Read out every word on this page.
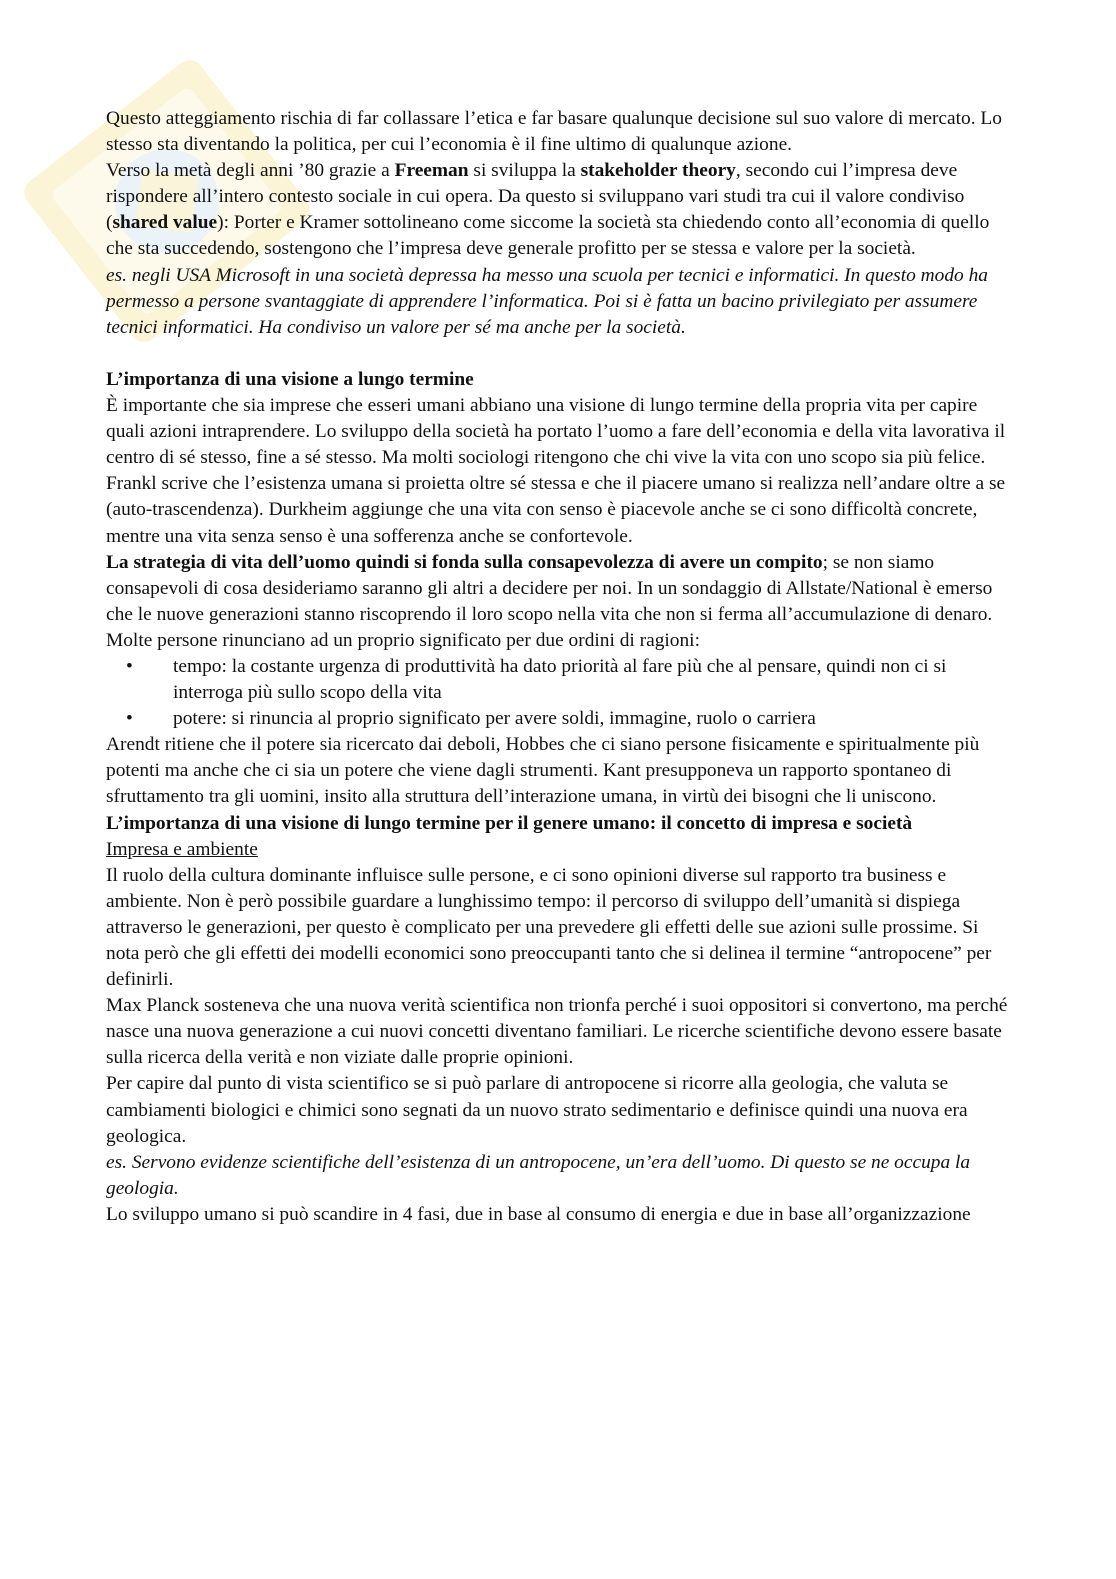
Questo atteggiamento rischia di far collassare l’etica e far basare qualunque decisione sul suo valore di mercato. Lo stesso sta diventando la politica, per cui l’economia è il fine ultimo di qualunque azione.

Verso la metà degli anni ’80 grazie a Freeman si sviluppa la stakeholder theory, secondo cui l’impresa deve rispondere all’intero contesto sociale in cui opera. Da questo si sviluppano vari studi tra cui il valore condiviso (shared value): Porter e Kramer sottolineano come siccome la società sta chiedendo conto all’economia di quello che sta succedendo, sostengono che l’impresa deve generale profitto per se stessa e valore per la società.

es. negli USA Microsoft in una società depressa ha messo una scuola per tecnici e informatici. In questo modo ha permesso a persone svantaggiate di apprendere l’informatica. Poi si è fatta un bacino privilegiato per assumere tecnici informatici. Ha condiviso un valore per sé ma anche per la società.

L’importanza di una visione a lungo termine

È importante che sia imprese che esseri umani abbiano una visione di lungo termine della propria vita per capire quali azioni intraprendere. Lo sviluppo della società ha portato l’uomo a fare dell’economia e della vita lavorativa il centro di sé stesso, fine a sé stesso. Ma molti sociologi ritengono che chi vive la vita con uno scopo sia più felice. Frankl scrive che l’esistenza umana si proietta oltre sé stessa e che il piacere umano si realizza nell’andare oltre a se (auto-trascendenza). Durkheim aggiunge che una vita con senso è piacevole anche se ci sono difficoltà concrete, mentre una vita senza senso è una sofferenza anche se confortevole.

La strategia di vita dell’uomo quindi si fonda sulla consapevolezza di avere un compito; se non siamo consapevoli di cosa desideriamo saranno gli altri a decidere per noi. In un sondaggio di Allstate/National è emerso che le nuove generazioni stanno riscoprendo il loro scopo nella vita che non si ferma all’accumulazione di denaro. Molte persone rinunciano ad un proprio significato per due ordini di ragioni:

• tempo: la costante urgenza di produttività ha dato priorità al fare più che al pensare, quindi non ci si interroga più sullo scopo della vita
• potere: si rinuncia al proprio significato per avere soldi, immagine, ruolo o carriera

Arendt ritiene che il potere sia ricercato dai deboli, Hobbes che ci siano persone fisicamente e spiritualmente più potenti ma anche che ci sia un potere che viene dagli strumenti. Kant presupponeva un rapporto spontaneo di sfruttamento tra gli uomini, insito alla struttura dell’interazione umana, in virtù dei bisogni che li uniscono.

L’importanza di una visione di lungo termine per il genere umano: il concetto di impresa e società

Impresa e ambiente

Il ruolo della cultura dominante influisce sulle persone, e ci sono opinioni diverse sul rapporto tra business e ambiente. Non è però possibile guardare a lunghissimo tempo: il percorso di sviluppo dell’umanità si dispiega attraverso le generazioni, per questo è complicato per una prevedere gli effetti delle sue azioni sulle prossime. Si nota però che gli effetti dei modelli economici sono preoccupanti tanto che si delinea il termine “antropocene” per definirli.

Max Planck sosteneva che una nuova verità scientifica non trionfa perché i suoi oppositori si convertono, ma perché nasce una nuova generazione a cui nuovi concetti diventano familiari. Le ricerche scientifiche devono essere basate sulla ricerca della verità e non viziate dalle proprie opinioni.

Per capire dal punto di vista scientifico se si può parlare di antropocene si ricorre alla geologia, che valuta se cambiamenti biologici e chimici sono segnati da un nuovo strato sedimentario e definisce quindi una nuova era geologica.

es. Servono evidenze scientifiche dell’esistenza di un antropocene, un’era dell’uomo. Di questo se ne occupa la geologia.

Lo sviluppo umano si può scandire in 4 fasi, due in base al consumo di energia e due in base all’organizzazione
